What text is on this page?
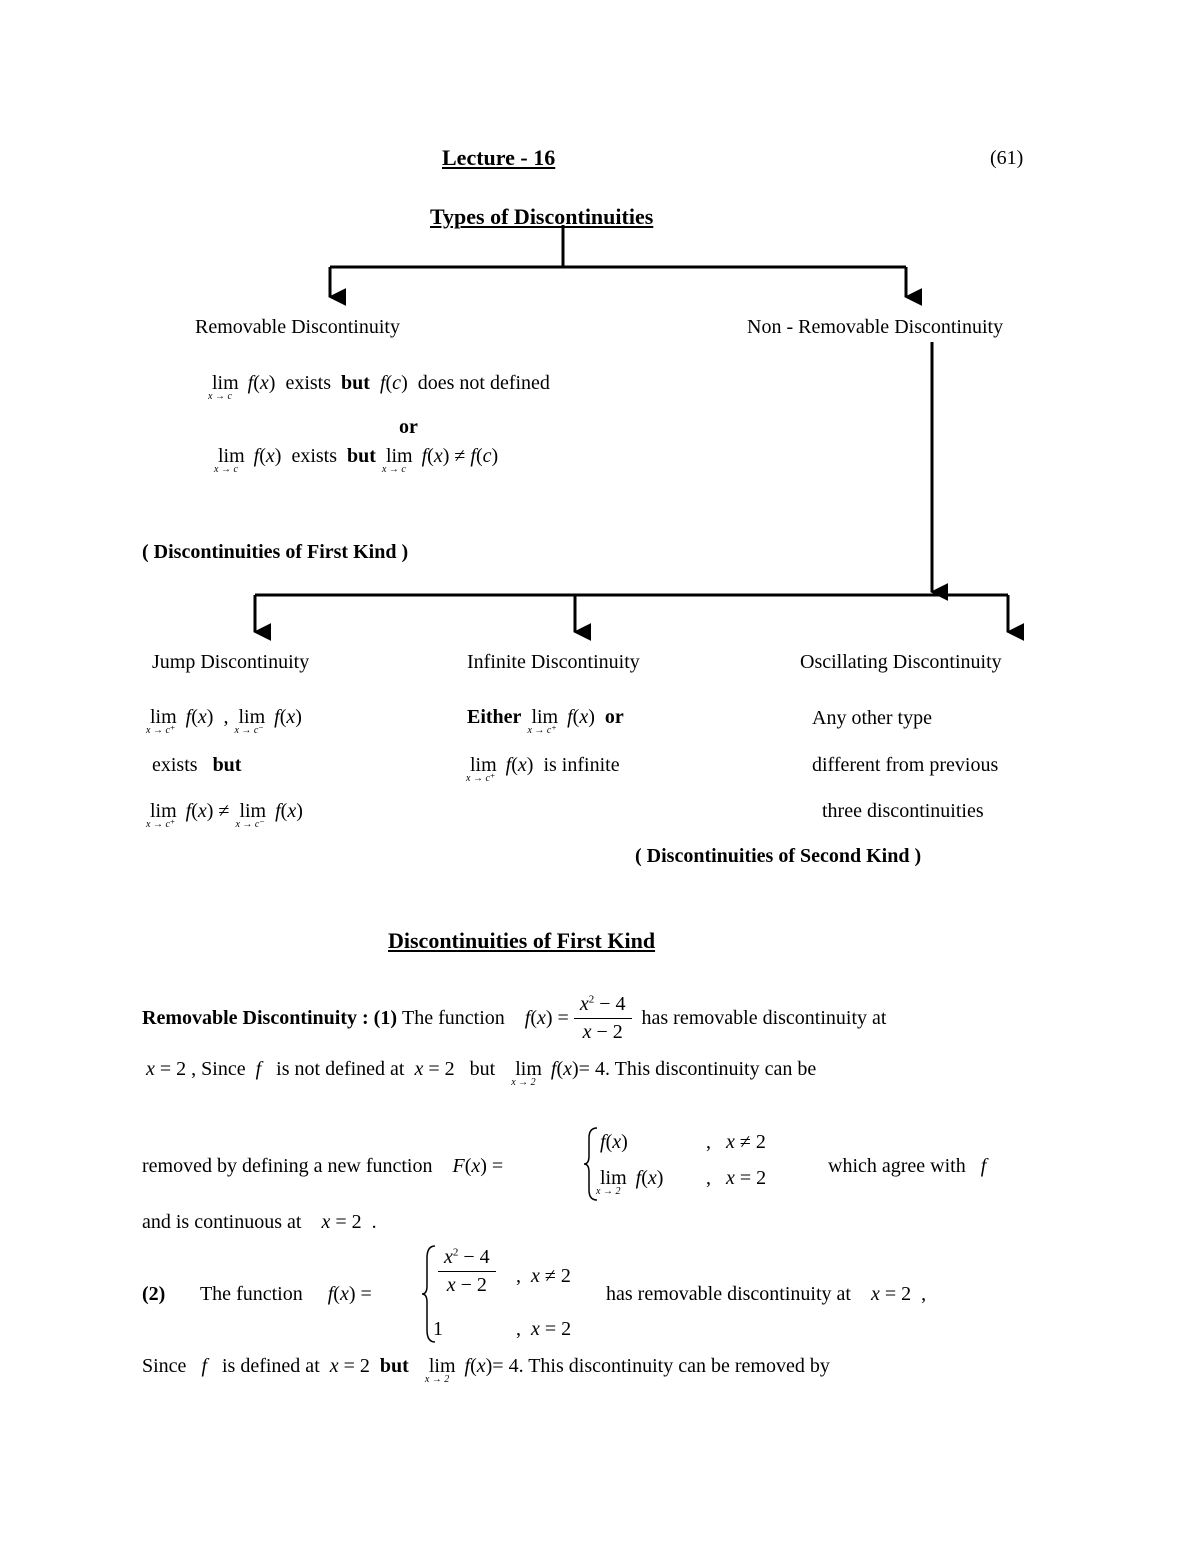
Lecture - 16	(61)
Types of Discontinuities
Removable Discontinuity	Non - Removable Discontinuity
lim
x → c
f(x)  exists but f(c)  does not defined
or
lim
x → c
f(x)  exists but lim
x → c
f(x) ≠ f(c)
( Discontinuities of First Kind )
Jump Discontinuity	Infinite Discontinuity	Oscillating Discontinuity
lim
x → c⁺
f(x)  ,  lim
x → c⁻
f(x)
exists but
lim
x → c⁺
f(x) ≠  lim
x → c⁻
f(x)
Either lim
x → c⁺
f(x)  or
lim
x → c⁺
f(x)  is infinite
Any other type
different from previous
three discontinuities
( Discontinuities of Second Kind )
Discontinuities of First Kind
Removable Discontinuity :
(1)
The function
$f(x) = \frac{x^2 - 4}{x - 2}$
has removable discontinuity at
x = 2 , Since f is not defined at x = 2   but lim
x → 2
f(x)= 4. This discontinuity can be
removed by defining a new function F(x) =
f(x)	,   x ≠ 2
lim
x → 2
f(x) ,   x = 2
which agree with f
and is continuous at x = 2  .
(2) The function f(x) =	$\frac{x^2 - 4}{x - 2}$ ,  x ≠ 2
1	,  x = 2
has removable discontinuity at x = 2  ,
Since f is defined at x = 2  but lim
x → 2
f(x)= 4. This discontinuity can be removed by
